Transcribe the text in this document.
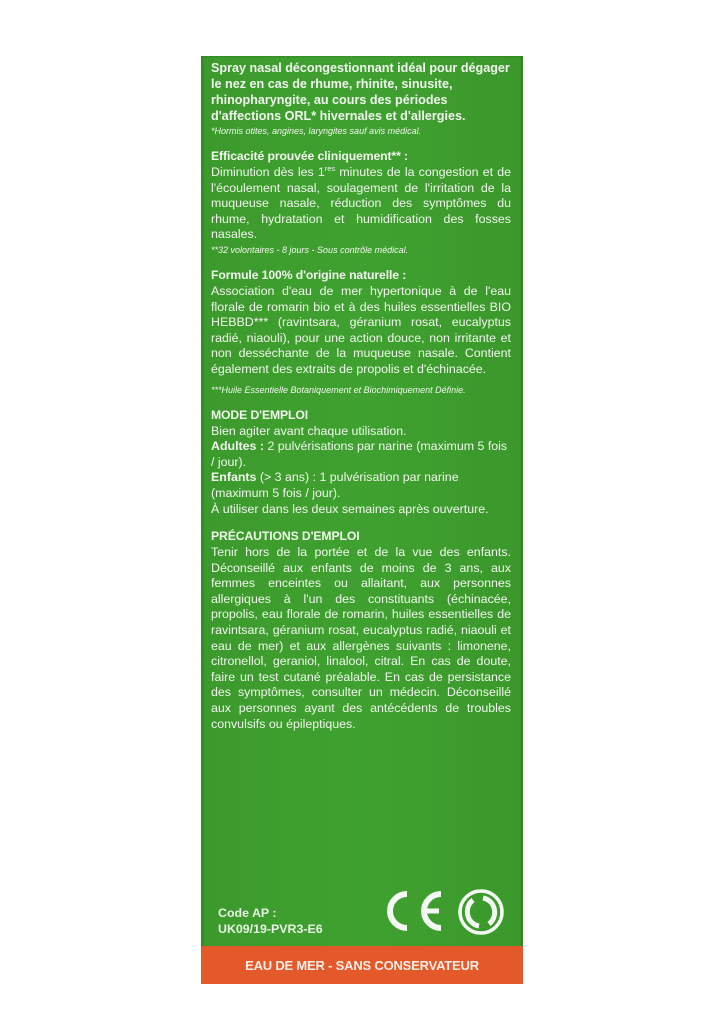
Spray nasal décongestionnant idéal pour dégager le nez en cas de rhume, rhinite, sinusite, rhinopharyngite, au cours des périodes d'affections ORL* hivernales et d'allergies.

*Hormis otites, angines, laryngites sauf avis médical.

Efficacité prouvée cliniquement** :

Diminution dès les 1res minutes de la congestion et de l'écoulement nasal, soulagement de l'irritation de la muqueuse nasale, réduction des symptômes du rhume, hydratation et humidification des fosses nasales.

**32 volontaires - 8 jours - Sous contrôle médical.

Formule 100% d'origine naturelle :

Association d'eau de mer hypertonique à de l'eau florale de romarin bio et à des huiles essentielles BIO HEBBD*** (ravintsara, géranium rosat, eucalyptus radié, niaouli), pour une action douce, non irritante et non desséchante de la muqueuse nasale. Contient également des extraits de propolis et d'échinacée.

***Huile Essentielle Botaniquement et Biochimiquement Définie.

MODE D'EMPLOI

Bien agiter avant chaque utilisation.

Adultes : 2 pulvérisations par narine (maximum 5 fois / jour).

Enfants (> 3 ans) : 1 pulvérisation par narine (maximum 5 fois / jour).

À utiliser dans les deux semaines après ouverture.

PRÉCAUTIONS D'EMPLOI

Tenir hors de la portée et de la vue des enfants. Déconseillé aux enfants de moins de 3 ans, aux femmes enceintes ou allaitant, aux personnes allergiques à l'un des constituants (échinacée, propolis, eau florale de romarin, huiles essentielles de ravintsara, géranium rosat, eucalyptus radié, niaouli et eau de mer) et aux allergènes suivants : limonene, citronellol, geraniol, linalool, citral. En cas de doute, faire un test cutané préalable. En cas de persistance des symptômes, consulter un médecin. Déconseillé aux personnes ayant des antécédents de troubles convulsifs ou épileptiques.

Code AP :
UK09/19-PVR3-E6
EAU DE MER - SANS CONSERVATEUR
